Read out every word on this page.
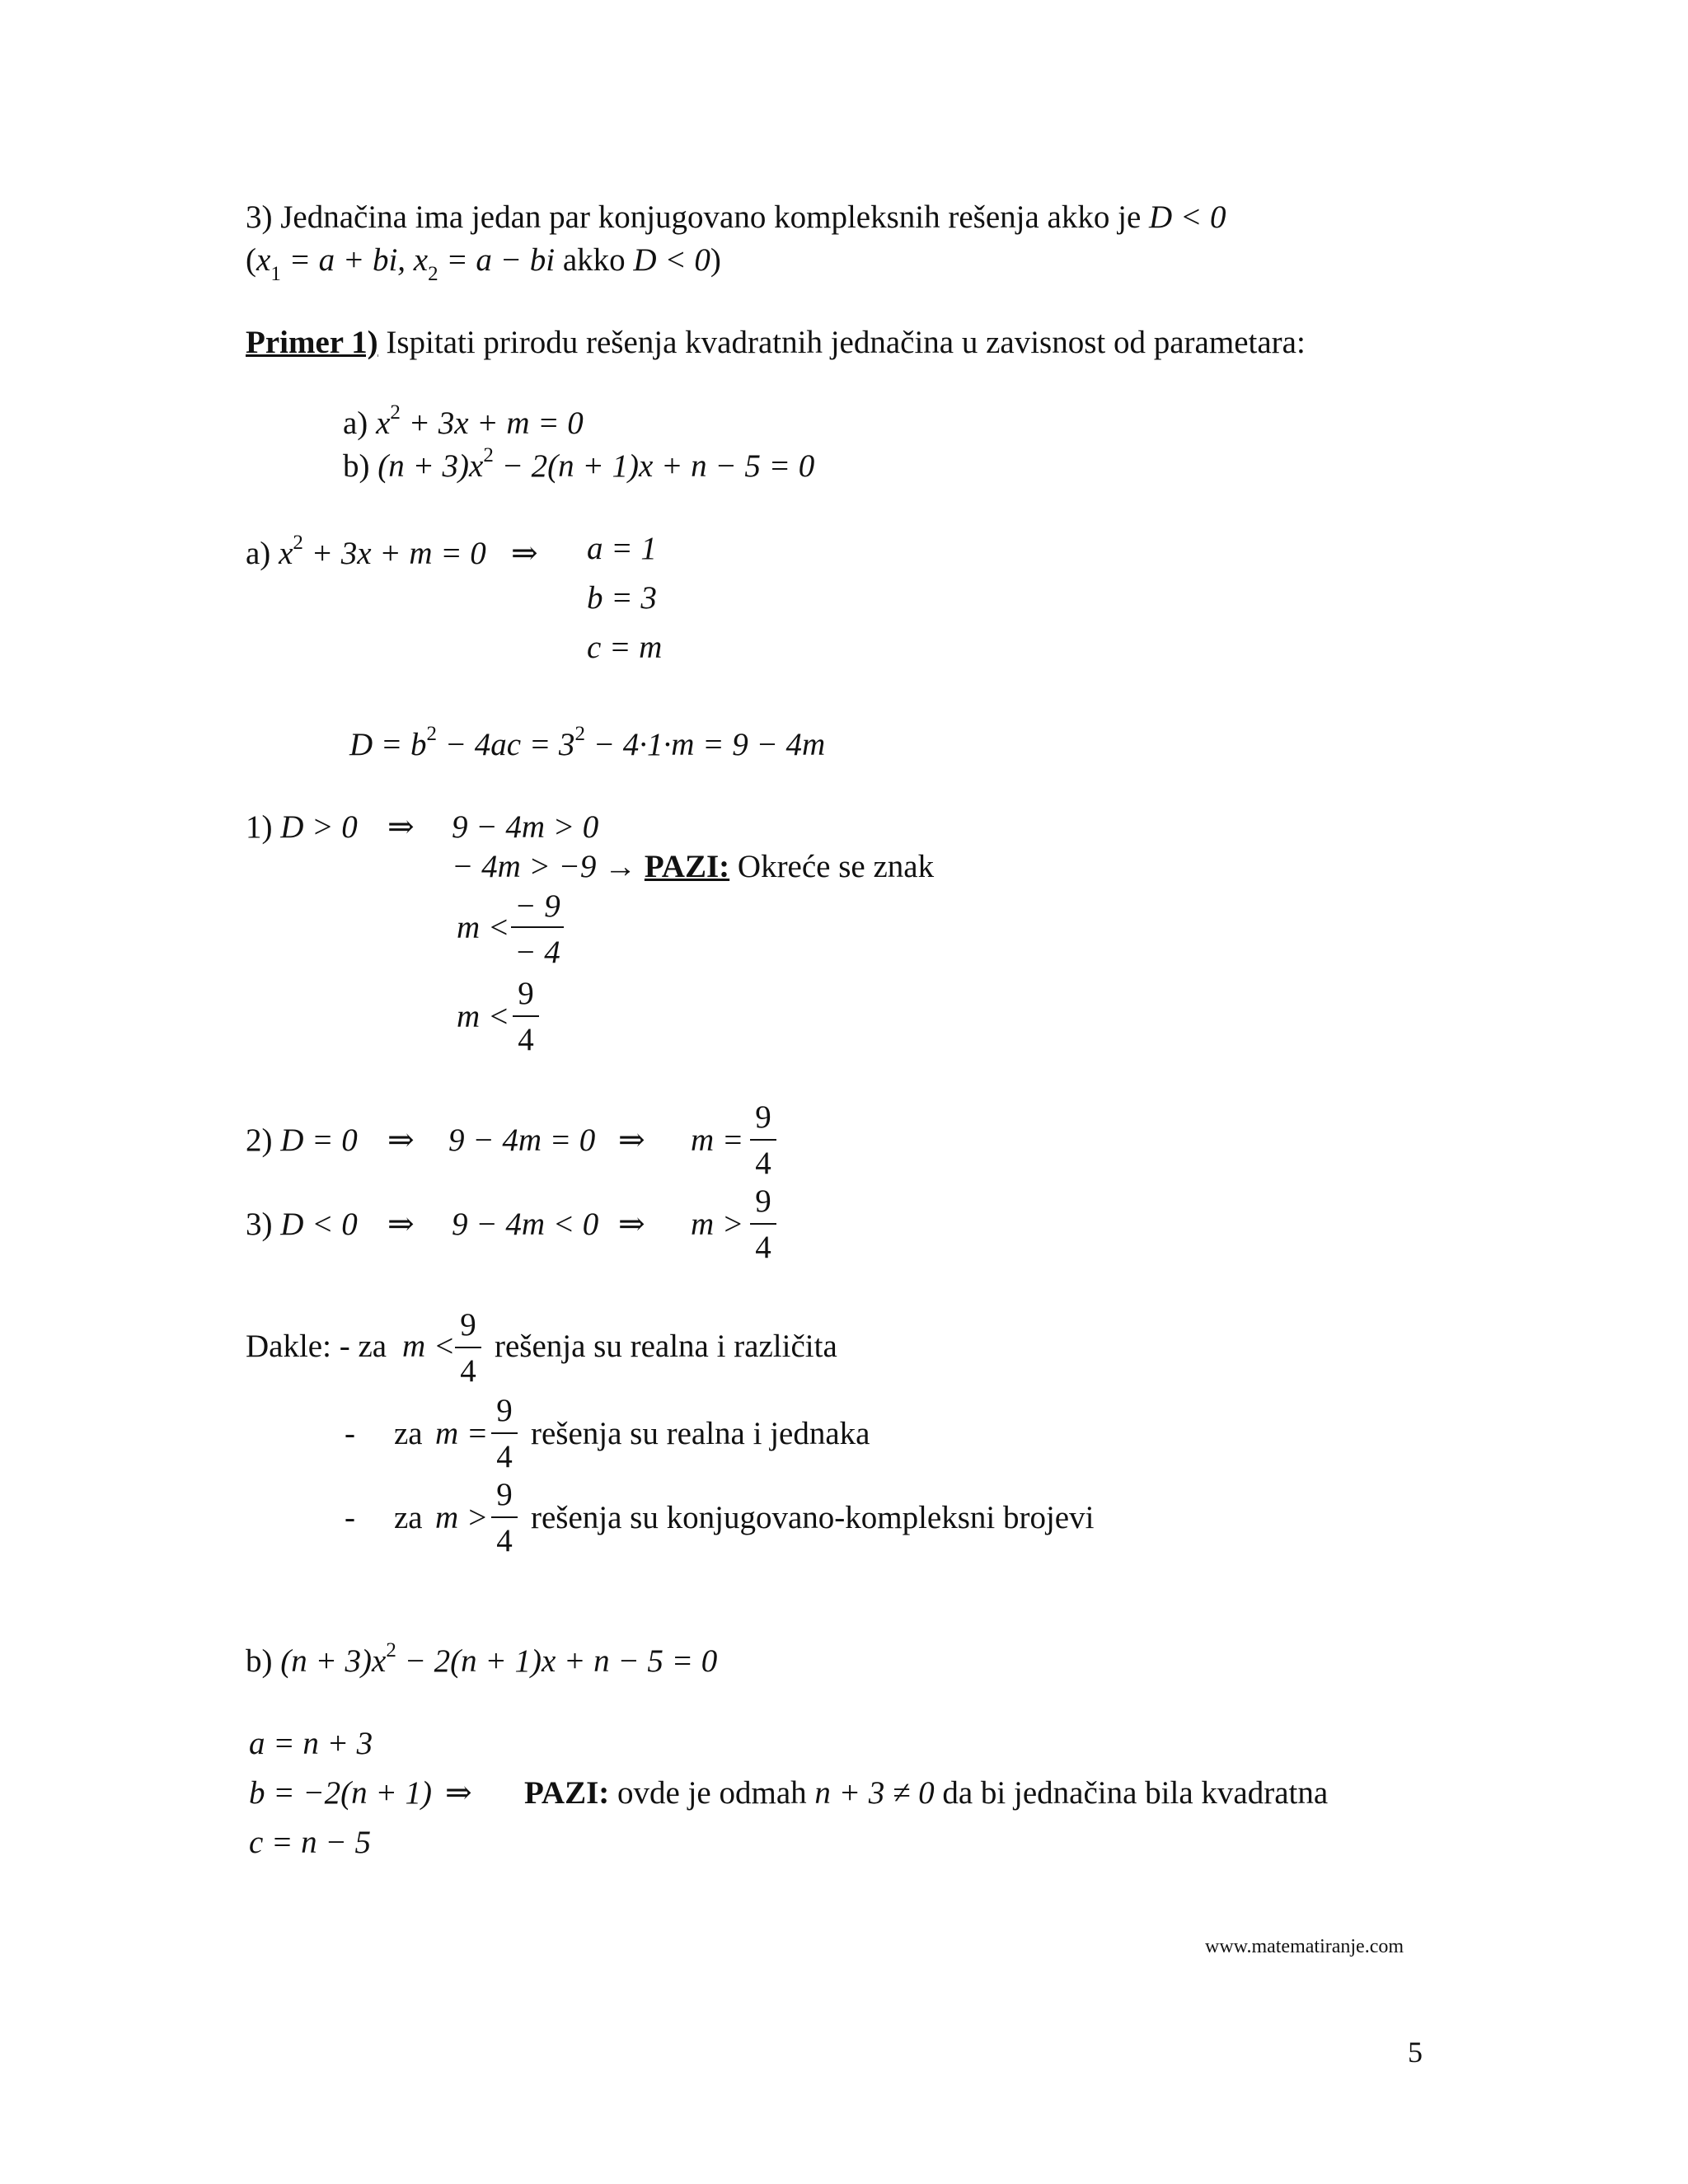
3) Jednačina ima jedan par konjugovano kompleksnih rešenja akko je D < 0
($x_1 = a$ + bi, $x_2 = a$ − bi akko D < 0)
Primer 1) Ispitati prirodu rešenja kvadratnih jednačina u zavisnost od parametara:
a) $x^2 + 3x + m = 0$
b) $(n + 3)x^2 - 2(n + 1)x + n - 5 = 0$
a) $x^2 + 3x + m = 0$ ⇒ a = 1
b = 3
c = m
$D = b^2 - 4ac = 3^2 - 4\cdot 1\cdot m = 9 - 4m$
1) D > 0 ⇒ 9 − 4m > 0
− 4m > −9 → PAZI: Okreće se znak
m <
− 9
− 4
m <
9
4
2) D = 0 ⇒ 9 − 4m = 0 ⇒ m =
9
4
3) D < 0 ⇒ 9 − 4m < 0 ⇒ m >
9
4
Dakle: - za m <
9
4
rešenja su realna i različita
- za m =
9
4
rešenja su realna i jednaka
- za m >
9
4
rešenja su konjugovano-kompleksni brojevi
b) $(n + 3)x^2 - 2(n + 1)x + n - 5 = 0$
a = n + 3
b = −2(n + 1) ⇒ PAZI: ovde je odmah n + 3 ≠ 0 da bi jednačina bila kvadratna
c = n − 5
www.matematiranje.com
5
